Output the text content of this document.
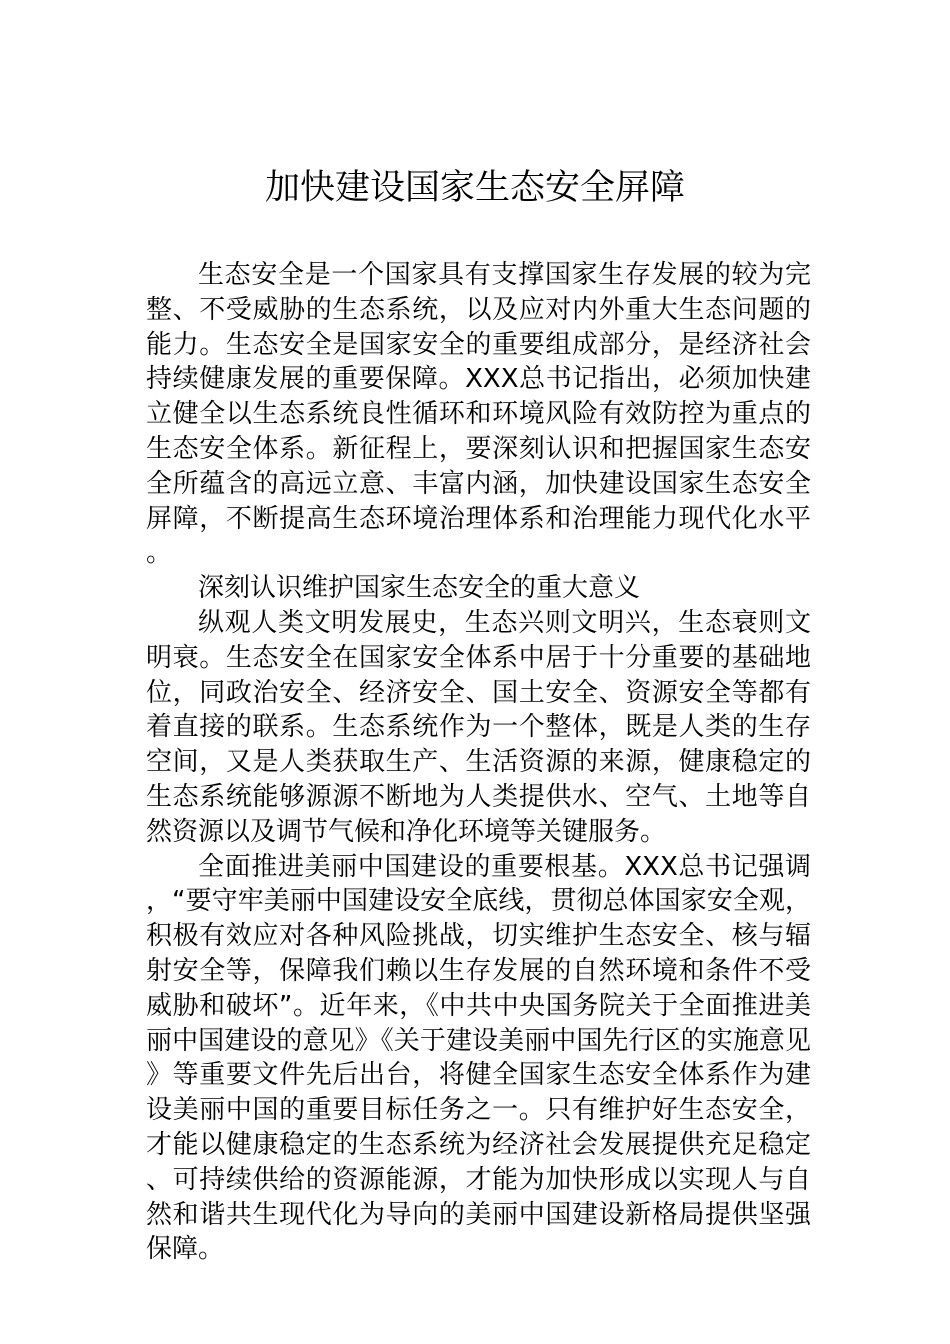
加快建设国家生态安全屏障

生态安全是一个国家具有支撑国家生存发展的较为完整、不受威胁的生态系统，以及应对内外重大生态问题的能力。生态安全是国家安全的重要组成部分，是经济社会持续健康发展的重要保障。XXX总书记指出，必须加快建立健全以生态系统良性循环和环境风险有效防控为重点的生态安全体系。新征程上，要深刻认识和把握国家生态安全所蕴含的高远立意、丰富内涵，加快建设国家生态安全屏障，不断提高生态环境治理体系和治理能力现代化水平。

深刻认识维护国家生态安全的重大意义

纵观人类文明发展史，生态兴则文明兴，生态衰则文明衰。生态安全在国家安全体系中居于十分重要的基础地位，同政治安全、经济安全、国土安全、资源安全等都有着直接的联系。生态系统作为一个整体，既是人类的生存空间，又是人类获取生产、生活资源的来源，健康稳定的生态系统能够源源不断地为人类提供水、空气、土地等自然资源以及调节气候和净化环境等关键服务。

全面推进美丽中国建设的重要根基。XXX总书记强调，“要守牢美丽中国建设安全底线，贯彻总体国家安全观，积极有效应对各种风险挑战，切实维护生态安全、核与辐射安全等，保障我们赖以生存发展的自然环境和条件不受威胁和破坏”。近年来，《中共中央国务院关于全面推进美丽中国建设的意见》《关于建设美丽中国先行区的实施意见》等重要文件先后出台，将健全国家生态安全体系作为建设美丽中国的重要目标任务之一。只有维护好生态安全，才能以健康稳定的生态系统为经济社会发展提供充足稳定、可持续供给的资源能源，才能为加快形成以实现人与自然和谐共生现代化为导向的美丽中国建设新格局提供坚强保障。
